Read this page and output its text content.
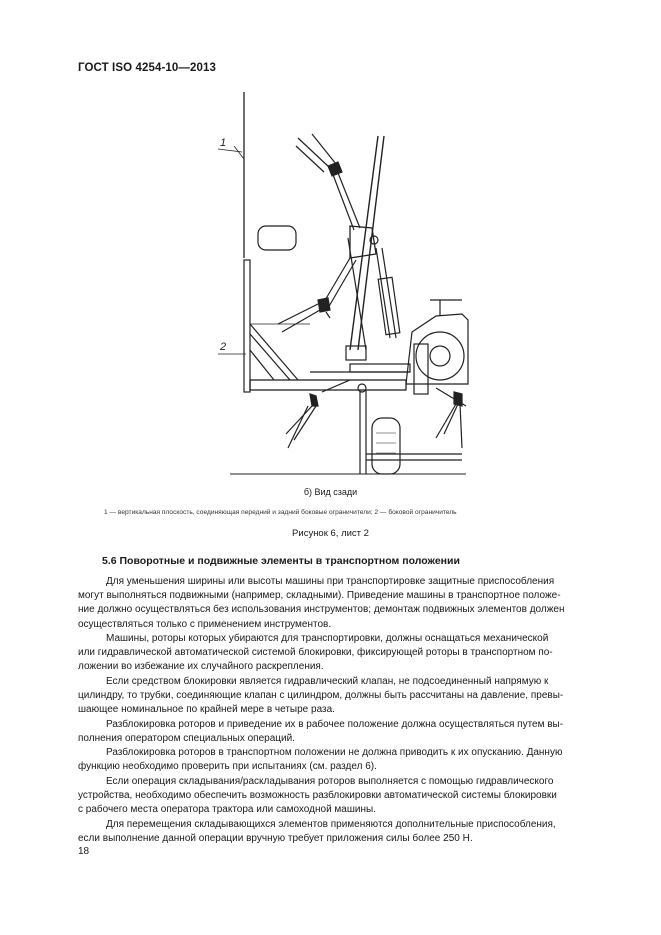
ГОСТ ISO 4254-10—2013
1
2
б) Вид сзади
1 — вертикальная плоскость, соединяющая передний и задний боковые ограничители; 2 — боковой ограничитель
Рисунок 6, лист 2
5.6 Поворотные и подвижные элементы в транспортном положении
Для уменьшения ширины или высоты машины при транспортировке защитные приспособления
могут выполняться подвижными (например, складными). Приведение машины в транспортное положе-
ние должно осуществляться без использования инструментов; демонтаж подвижных элементов должен
осуществляться только с применением инструментов.
Машины, роторы которых убираются для транспортировки, должны оснащаться механической
или гидравлической автоматической системой блокировки, фиксирующей роторы в транспортном по-
ложении во избежание их случайного раскрепления.
Если средством блокировки является гидравлический клапан, не подсоединенный напрямую к
цилиндру, то трубки, соединяющие клапан с цилиндром, должны быть рассчитаны на давление, превы-
шающее номинальное по крайней мере в четыре раза.
Разблокировка роторов и приведение их в рабочее положение должна осуществляться путем вы-
полнения оператором специальных операций.
Разблокировка роторов в транспортном положении не должна приводить к их опусканию. Данную
функцию необходимо проверить при испытаниях (см. раздел 6).
Если операция складывания/раскладывания роторов выполняется с помощью гидравлического
устройства, необходимо обеспечить возможность разблокировки автоматической системы блокировки
с рабочего места оператора трактора или самоходной машины.
Для перемещения складывающихся элементов применяются дополнительные приспособления,
если выполнение данной операции вручную требует приложения силы более 250 Н.
18
